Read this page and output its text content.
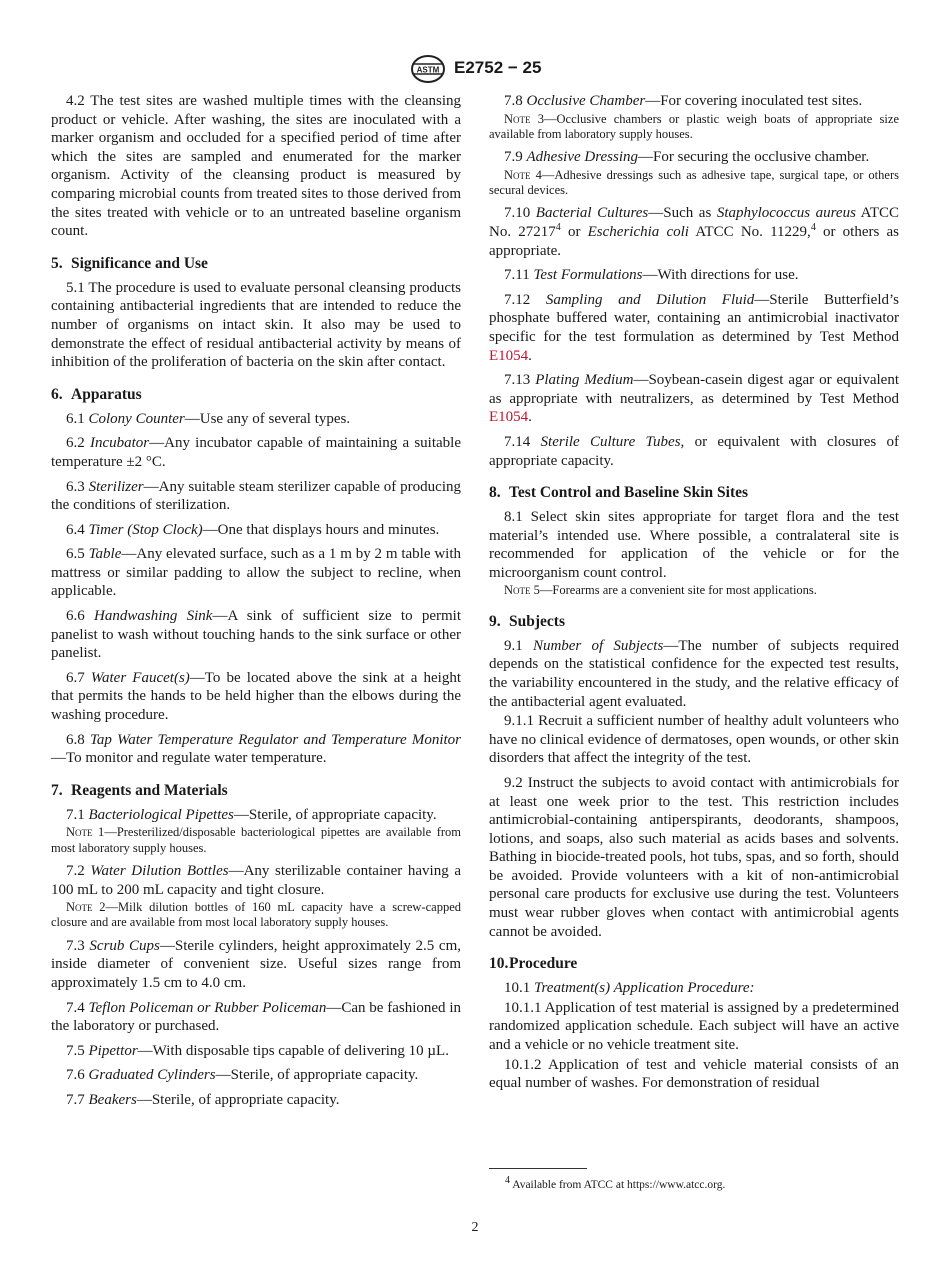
ASTM E2752 − 25

4.2 The test sites are washed multiple times with the cleansing product or vehicle. After washing, the sites are inoculated with a marker organism and occluded for a specified period of time after which the sites are sampled and enumerated for the marker organism. Activity of the cleansing product is measured by comparing microbial counts from treated sites to those derived from the sites treated with vehicle or to an untreated baseline organism count.

5. Significance and Use

5.1 The procedure is used to evaluate personal cleansing products containing antibacterial ingredients that are intended to reduce the number of organisms on intact skin. It also may be used to demonstrate the effect of residual antibacterial activity by means of inhibition of the proliferation of bacteria on the skin after contact.

6. Apparatus

6.1 Colony Counter—Use any of several types.

6.2 Incubator—Any incubator capable of maintaining a suitable temperature ±2 °C.

6.3 Sterilizer—Any suitable steam sterilizer capable of producing the conditions of sterilization.

6.4 Timer (Stop Clock)—One that displays hours and minutes.

6.5 Table—Any elevated surface, such as a 1 m by 2 m table with mattress or similar padding to allow the subject to recline, when applicable.

6.6 Handwashing Sink—A sink of sufficient size to permit panelist to wash without touching hands to the sink surface or other panelist.

6.7 Water Faucet(s)—To be located above the sink at a height that permits the hands to be held higher than the elbows during the washing procedure.

6.8 Tap Water Temperature Regulator and Temperature Monitor—To monitor and regulate water temperature.

7. Reagents and Materials

7.1 Bacteriological Pipettes—Sterile, of appropriate capacity.

Note 1—Presterilized/disposable bacteriological pipettes are available from most laboratory supply houses.

7.2 Water Dilution Bottles—Any sterilizable container having a 100 mL to 200 mL capacity and tight closure.

Note 2—Milk dilution bottles of 160 mL capacity have a screw-capped closure and are available from most local laboratory supply houses.

7.3 Scrub Cups—Sterile cylinders, height approximately 2.5 cm, inside diameter of convenient size. Useful sizes range from approximately 1.5 cm to 4.0 cm.

7.4 Teflon Policeman or Rubber Policeman—Can be fashioned in the laboratory or purchased.

7.5 Pipettor—With disposable tips capable of delivering 10 µL.

7.6 Graduated Cylinders—Sterile, of appropriate capacity.

7.7 Beakers—Sterile, of appropriate capacity.

7.8 Occlusive Chamber—For covering inoculated test sites.

Note 3—Occlusive chambers or plastic weigh boats of appropriate size available from laboratory supply houses.

7.9 Adhesive Dressing—For securing the occlusive chamber.

Note 4—Adhesive dressings such as adhesive tape, surgical tape, or others secural devices.

7.10 Bacterial Cultures—Such as Staphylococcus aureus ATCC No. 27217$^4$ or Escherichia coli ATCC No. 11229,$^4$ or others as appropriate.

7.11 Test Formulations—With directions for use.

7.12 Sampling and Dilution Fluid—Sterile Butterfield’s phosphate buffered water, containing an antimicrobial inactivator specific for the test formulation as determined by Test Method E1054.

7.13 Plating Medium—Soybean-casein digest agar or equivalent as appropriate with neutralizers, as determined by Test Method E1054.

7.14 Sterile Culture Tubes, or equivalent with closures of appropriate capacity.

8. Test Control and Baseline Skin Sites

8.1 Select skin sites appropriate for target flora and the test material’s intended use. Where possible, a contralateral site is recommended for application of the vehicle or for the microorganism count control.

Note 5—Forearms are a convenient site for most applications.
9. Subjects

9.1 Number of Subjects—The number of subjects required depends on the statistical confidence for the expected test results, the variability encountered in the study, and the relative efficacy of the antibacterial agent evaluated.

9.1.1 Recruit a sufficient number of healthy adult volunteers who have no clinical evidence of dermatoses, open wounds, or other skin disorders that affect the integrity of the test.

9.2 Instruct the subjects to avoid contact with antimicrobials for at least one week prior to the test. This restriction includes antimicrobial-containing antiperspirants, deodorants, shampoos, lotions, and soaps, also such material as acids bases and solvents. Bathing in biocide-treated pools, hot tubs, spas, and so forth, should be avoided. Provide volunteers with a kit of non-antimicrobial personal care products for exclusive use during the test. Volunteers must wear rubber gloves when contact with antimicrobial agents cannot be avoided.

10.Procedure

10.1 Treatment(s) Application Procedure:

10.1.1 Application of test material is assigned by a predetermined randomized application schedule. Each subject will have an active and a vehicle or no vehicle treatment site.

10.1.2 Application of test and vehicle material consists of an equal number of washes. For demonstration of residual

$^4$ Available from ATCC at https://www.atcc.org.
2
